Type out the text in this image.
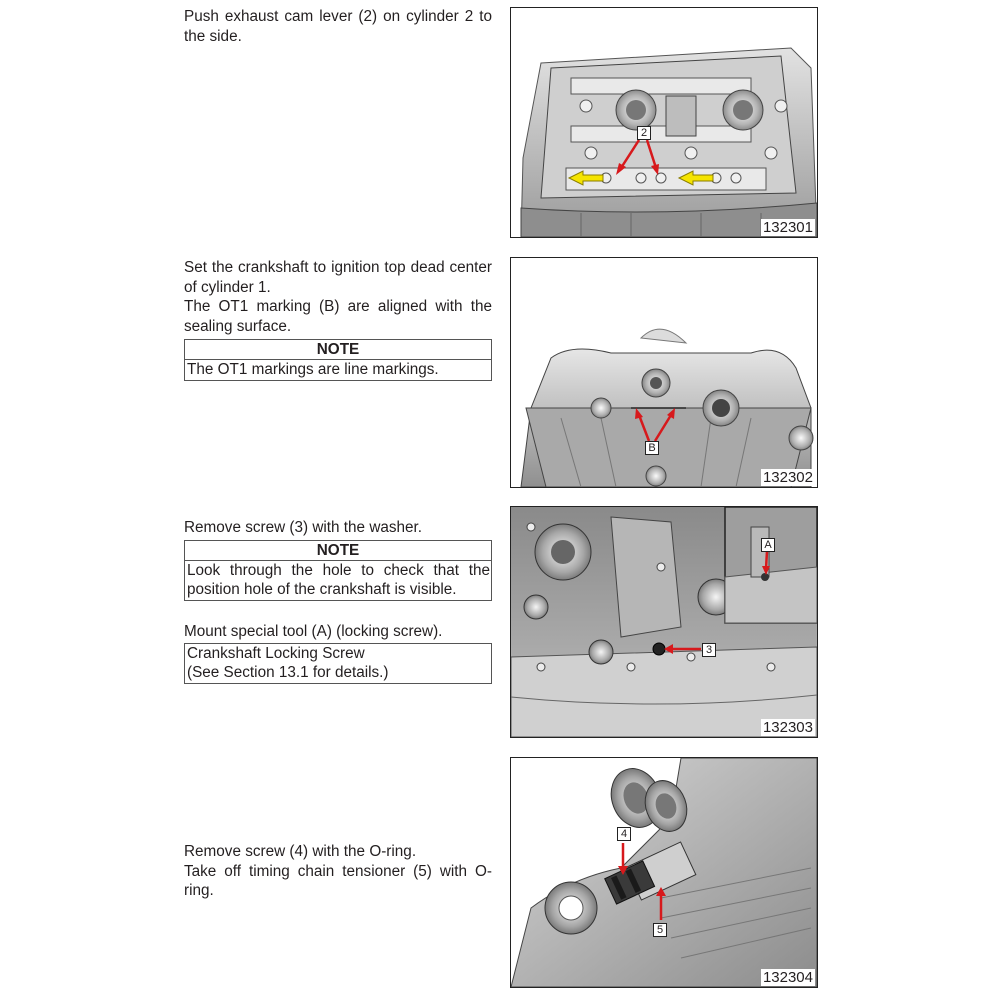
Push exhaust cam lever (2) on cylinder 2 to the side.

2
132301

Set the crankshaft to ignition top dead center of cylinder 1.

The OT1 marking (B) are aligned with the sealing surface.

NOTE
The OT1 markings are line markings.
B
132302

Remove screw (3) with the washer.

NOTE
Look through the hole to check that the position hole of the crankshaft is visible.

Mount special tool (A) (locking screw).

Crankshaft Locking Screw
(See Section 13.1 for details.)
3
A
132303

Remove screw (4) with the O-ring.

Take off timing chain tensioner (5) with O-ring.

4
5
132304
